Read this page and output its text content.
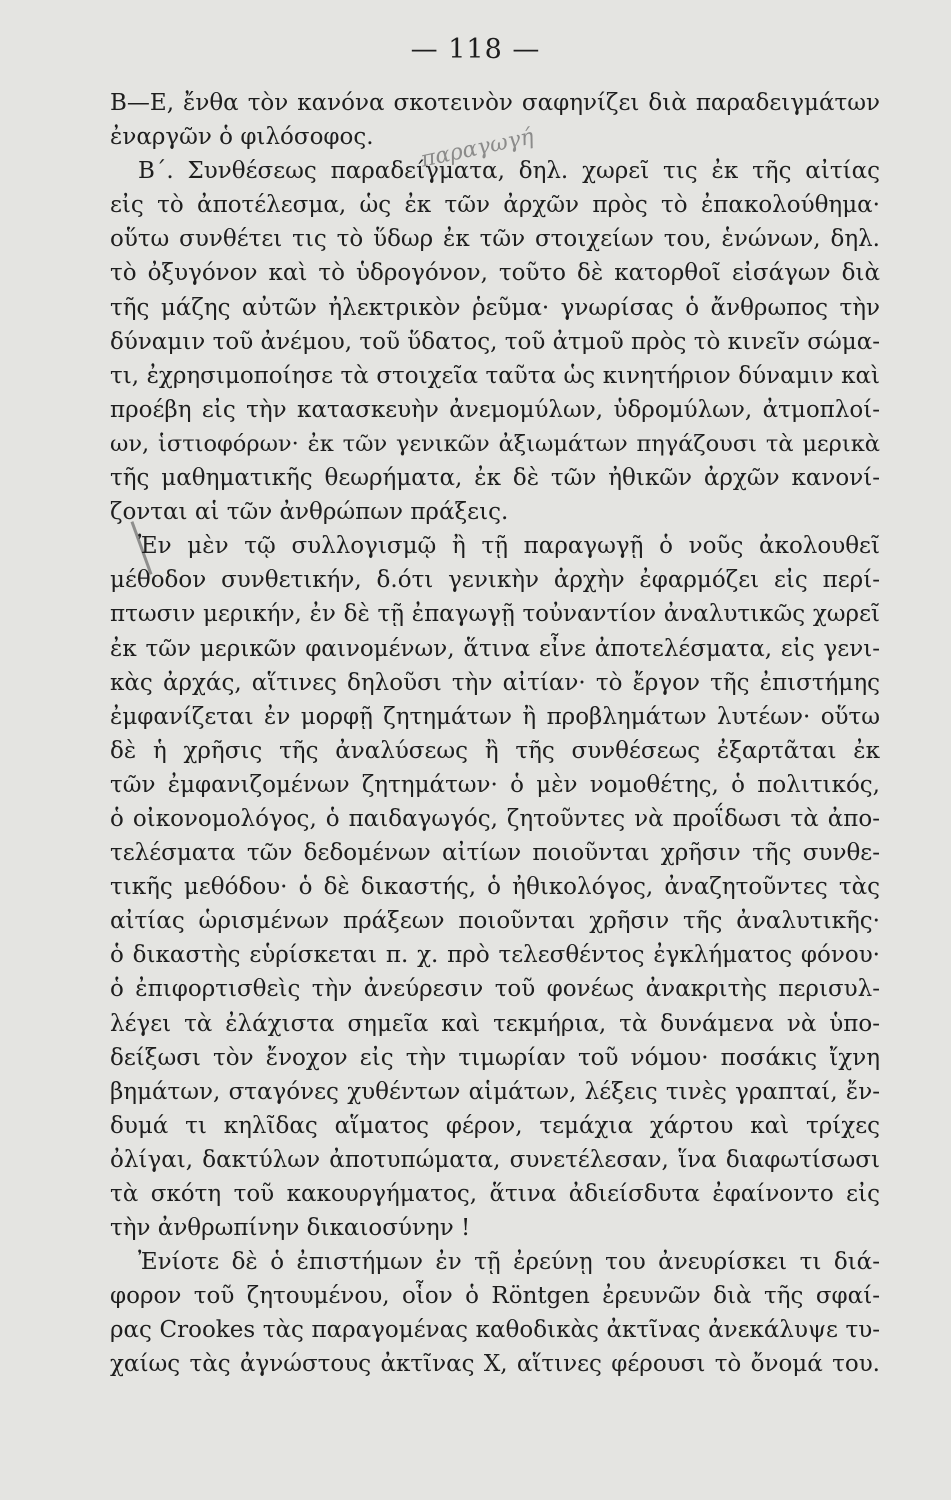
— 118 —
παραγωγή
B—E, ἔνθα τὸν κανόνα σκοτεινὸν σαφηνίζει διὰ παραδειγμάτων
ἐναργῶν ὁ φιλόσοφος.
Β΄. Συνθέσεως παραδείγματα, δηλ. χωρεῖ τις ἐκ τῆς αἰτίας
εἰς τὸ ἀποτέλεσμα, ὡς ἐκ τῶν ἀρχῶν πρὸς τὸ ἐπακολούθημα·
οὕτω συνθέτει τις τὸ ὕδωρ ἐκ τῶν στοιχείων του, ἑνώνων, δηλ.
τὸ ὀξυγόνον καὶ τὸ ὑδρογόνον, τοῦτο δὲ κατορθοῖ εἰσάγων διὰ
τῆς μάζης αὐτῶν ἠλεκτρικὸν ῥεῦμα· γνωρίσας ὁ ἄνθρωπος τὴν
δύναμιν τοῦ ἀνέμου, τοῦ ὕδατος, τοῦ ἀτμοῦ πρὸς τὸ κινεῖν σώμα-
τι, ἐχρησιμοποίησε τὰ στοιχεῖα ταῦτα ὡς κινητήριον δύναμιν καὶ
προέβη εἰς τὴν κατασκευὴν ἀνεμομύλων, ὑδρομύλων, ἀτμοπλοί-
ων, ἱστιοφόρων· ἐκ τῶν γενικῶν ἀξιωμάτων πηγάζουσι τὰ μερικὰ
τῆς μαθηματικῆς θεωρήματα, ἐκ δὲ τῶν ἠθικῶν ἀρχῶν κανονί-
ζονται αἱ τῶν ἀνθρώπων πράξεις.
Ἐν μὲν τῷ συλλογισμῷ ἢ τῇ παραγωγῇ ὁ νοῦς ἀκολουθεῖ
μέθοδον συνθετικήν, δ.ότι γενικὴν ἀρχὴν ἐφαρμόζει εἰς περί-
πτωσιν μερικήν, ἐν δὲ τῇ ἐπαγωγῇ τοὐναντίον ἀναλυτικῶς χωρεῖ
ἐκ τῶν μερικῶν φαινομένων, ἅτινα εἶνε ἀποτελέσματα, εἰς γενι-
κὰς ἀρχάς, αἵτινες δηλοῦσι τὴν αἰτίαν· τὸ ἔργον τῆς ἐπιστήμης
ἐμφανίζεται ἐν μορφῇ ζητημάτων ἢ προβλημάτων λυτέων· οὕτω
δὲ ἡ χρῆσις τῆς ἀναλύσεως ἢ τῆς συνθέσεως ἐξαρτᾶται ἐκ
τῶν ἐμφανιζομένων ζητημάτων· ὁ μὲν νομοθέτης, ὁ πολιτικός,
ὁ οἰκονομολόγος, ὁ παιδαγωγός, ζητοῦντες νὰ προΐδωσι τὰ ἀπο-
τελέσματα τῶν δεδομένων αἰτίων ποιοῦνται χρῆσιν τῆς συνθε-
τικῆς μεθόδου· ὁ δὲ δικαστής, ὁ ἠθικολόγος, ἀναζητοῦντες τὰς
αἰτίας ὡρισμένων πράξεων ποιοῦνται χρῆσιν τῆς ἀναλυτικῆς·
ὁ δικαστὴς εὑρίσκεται π. χ. πρὸ τελεσθέντος ἐγκλήματος φόνου·
ὁ ἐπιφορτισθεὶς τὴν ἀνεύρεσιν τοῦ φονέως ἀνακριτὴς περισυλ-
λέγει τὰ ἐλάχιστα σημεῖα καὶ τεκμήρια, τὰ δυνάμενα νὰ ὑπο-
δείξωσι τὸν ἔνοχον εἰς τὴν τιμωρίαν τοῦ νόμου· ποσάκις ἴχνη
βημάτων, σταγόνες χυθέντων αἱμάτων, λέξεις τινὲς γραπταί, ἔν-
δυμά τι κηλῖδας αἵματος φέρον, τεμάχια χάρτου καὶ τρίχες
ὀλίγαι, δακτύλων ἀποτυπώματα, συνετέλεσαν, ἵνα διαφωτίσωσι
τὰ σκότη τοῦ κακουργήματος, ἅτινα ἀδιείσδυτα ἐφαίνοντο εἰς
τὴν ἀνθρωπίνην δικαιοσύνην !
Ἐνίοτε δὲ ὁ ἐπιστήμων ἐν τῇ ἐρεύνῃ του ἀνευρίσκει τι διά-
φορον τοῦ ζητουμένου, οἷον ὁ Röntgen ἐρευνῶν διὰ τῆς σφαί-
ρας Crookes τὰς παραγομένας καθοδικὰς ἀκτῖνας ἀνεκάλυψε τυ-
χαίως τὰς ἀγνώστους ἀκτῖνας X, αἵτινες φέρουσι τὸ ὄνομά του.
